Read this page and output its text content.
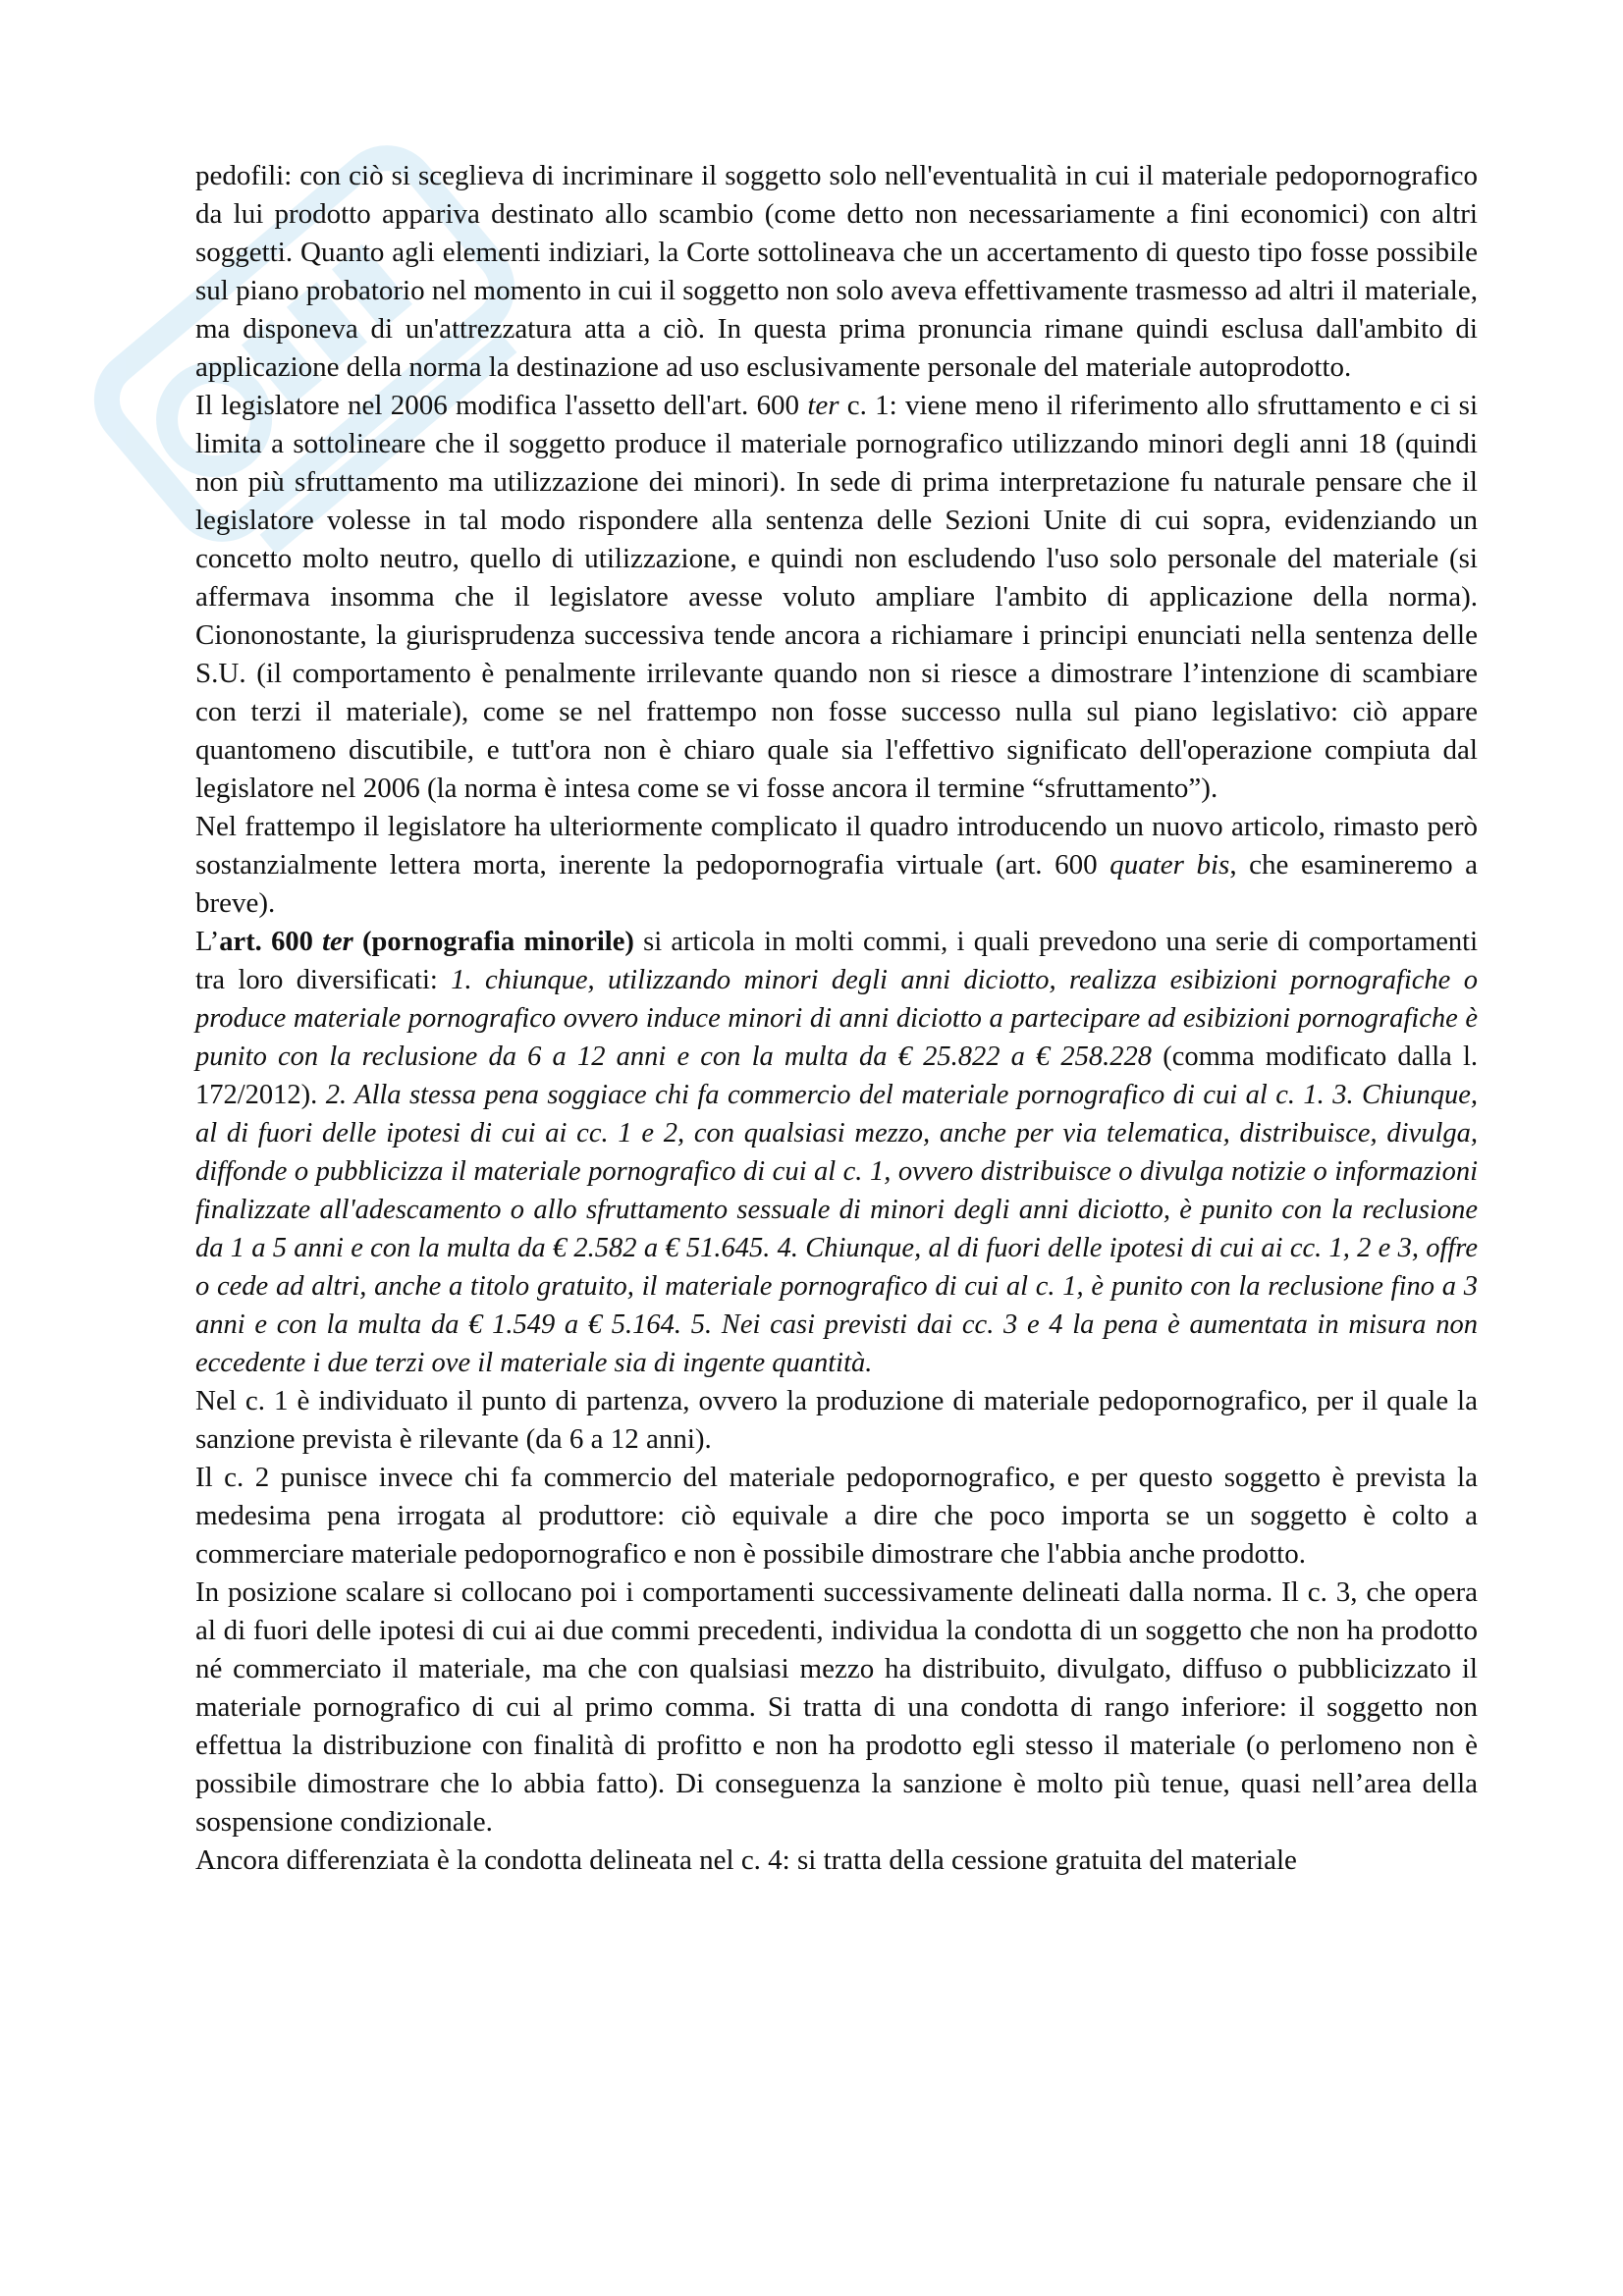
pedofili: con ciò si sceglieva di incriminare il soggetto solo nell'eventualità in cui il materiale pedopornografico da lui prodotto appariva destinato allo scambio (come detto non necessariamente a fini economici) con altri soggetti. Quanto agli elementi indiziari, la Corte sottolineava che un accertamento di questo tipo fosse possibile sul piano probatorio nel momento in cui il soggetto non solo aveva effettivamente trasmesso ad altri il materiale, ma disponeva di un'attrezzatura atta a ciò. In questa prima pronuncia rimane quindi esclusa dall'ambito di applicazione della norma la destinazione ad uso esclusivamente personale del materiale autoprodotto.

Il legislatore nel 2006 modifica l'assetto dell'art. 600 ter c. 1: viene meno il riferimento allo sfruttamento e ci si limita a sottolineare che il soggetto produce il materiale pornografico utilizzando minori degli anni 18 (quindi non più sfruttamento ma utilizzazione dei minori). In sede di prima interpretazione fu naturale pensare che il legislatore volesse in tal modo rispondere alla sentenza delle Sezioni Unite di cui sopra, evidenziando un concetto molto neutro, quello di utilizzazione, e quindi non escludendo l'uso solo personale del materiale (si affermava insomma che il legislatore avesse voluto ampliare l'ambito di applicazione della norma). Ciononostante, la giurisprudenza successiva tende ancora a richiamare i principi enunciati nella sentenza delle S.U. (il comportamento è penalmente irrilevante quando non si riesce a dimostrare l’intenzione di scambiare con terzi il materiale), come se nel frattempo non fosse successo nulla sul piano legislativo: ciò appare quantomeno discutibile, e tutt'ora non è chiaro quale sia l'effettivo significato dell'operazione compiuta dal legislatore nel 2006 (la norma è intesa come se vi fosse ancora il termine “sfruttamento”).

Nel frattempo il legislatore ha ulteriormente complicato il quadro introducendo un nuovo articolo, rimasto però sostanzialmente lettera morta, inerente la pedopornografia virtuale (art. 600 quater bis, che esamineremo a breve).

L’art. 600 ter (pornografia minorile) si articola in molti commi, i quali prevedono una serie di comportamenti tra loro diversificati: 1. chiunque, utilizzando minori degli anni diciotto, realizza esibizioni pornografiche o produce materiale pornografico ovvero induce minori di anni diciotto a partecipare ad esibizioni pornografiche è punito con la reclusione da 6 a 12 anni e con la multa da € 25.822 a € 258.228 (comma modificato dalla l. 172/2012). 2. Alla stessa pena soggiace chi fa commercio del materiale pornografico di cui al c. 1. 3. Chiunque, al di fuori delle ipotesi di cui ai cc. 1 e 2, con qualsiasi mezzo, anche per via telematica, distribuisce, divulga, diffonde o pubblicizza il materiale pornografico di cui al c. 1, ovvero distribuisce o divulga notizie o informazioni finalizzate all'adescamento o allo sfruttamento sessuale di minori degli anni diciotto, è punito con la reclusione da 1 a 5 anni e con la multa da € 2.582 a € 51.645. 4. Chiunque, al di fuori delle ipotesi di cui ai cc. 1, 2 e 3, offre o cede ad altri, anche a titolo gratuito, il materiale pornografico di cui al c. 1, è punito con la reclusione fino a 3 anni e con la multa da € 1.549 a € 5.164. 5. Nei casi previsti dai cc. 3 e 4 la pena è aumentata in misura non eccedente i due terzi ove il materiale sia di ingente quantità.

Nel c. 1 è individuato il punto di partenza, ovvero la produzione di materiale pedopornografico, per il quale la sanzione prevista è rilevante (da 6 a 12 anni).

Il c. 2 punisce invece chi fa commercio del materiale pedopornografico, e per questo soggetto è prevista la medesima pena irrogata al produttore: ciò equivale a dire che poco importa se un soggetto è colto a commerciare materiale pedopornografico e non è possibile dimostrare che l'abbia anche prodotto.

In posizione scalare si collocano poi i comportamenti successivamente delineati dalla norma. Il c. 3, che opera al di fuori delle ipotesi di cui ai due commi precedenti, individua la condotta di un soggetto che non ha prodotto né commerciato il materiale, ma che con qualsiasi mezzo ha distribuito, divulgato, diffuso o pubblicizzato il materiale pornografico di cui al primo comma. Si tratta di una condotta di rango inferiore: il soggetto non effettua la distribuzione con finalità di profitto e non ha prodotto egli stesso il materiale (o perlomeno non è possibile dimostrare che lo abbia fatto). Di conseguenza la sanzione è molto più tenue, quasi nell’area della sospensione condizionale.

Ancora differenziata è la condotta delineata nel c. 4: si tratta della cessione gratuita del materiale
